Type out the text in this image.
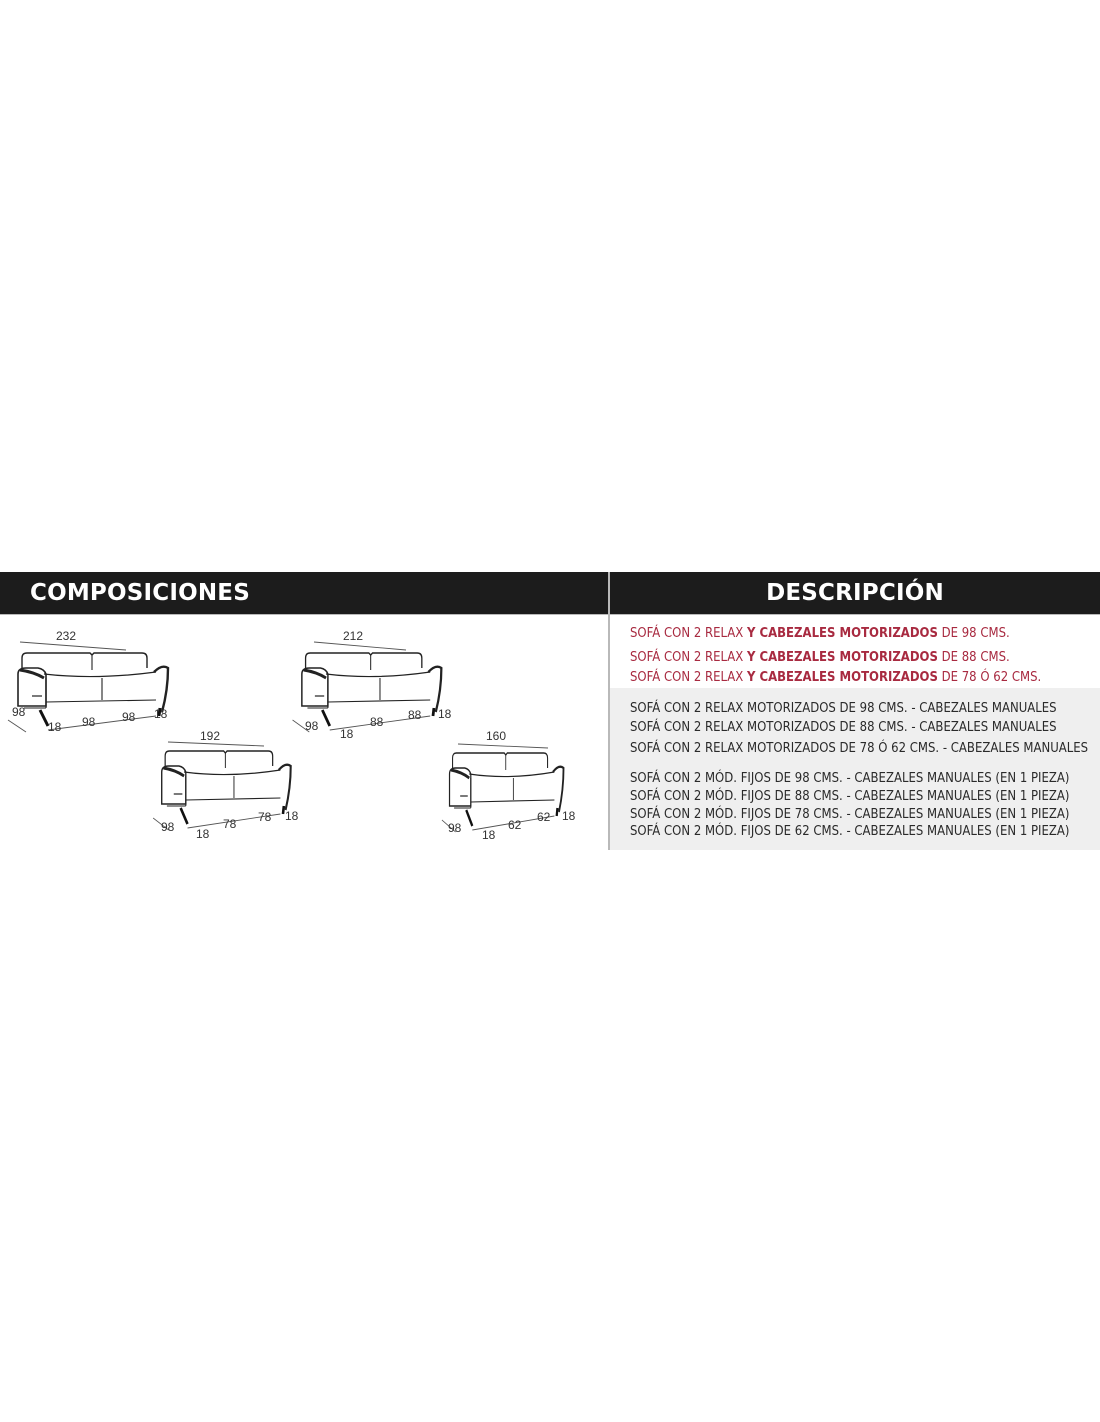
COMPOSICIONES	DESCRIPCIÓN
SOFÁ CON 2 RELAX Y CABEZALES MOTORIZADOS DE 98 CMS.
SOFÁ CON 2 RELAX Y CABEZALES MOTORIZADOS DE 88 CMS.
SOFÁ CON 2 RELAX Y CABEZALES MOTORIZADOS DE 78 Ó 62 CMS.
SOFÁ CON 2 RELAX MOTORIZADOS DE 98 CMS. - CABEZALES MANUALES
SOFÁ CON 2 RELAX MOTORIZADOS DE 88 CMS. - CABEZALES MANUALES
SOFÁ CON 2 RELAX MOTORIZADOS DE 78 Ó 62 CMS. - CABEZALES MANUALES
SOFÁ CON 2 MÓD. FIJOS DE 98 CMS. - CABEZALES MANUALES (EN 1 PIEZA)
SOFÁ CON 2 MÓD. FIJOS DE 88 CMS. - CABEZALES MANUALES (EN 1 PIEZA)
SOFÁ CON 2 MÓD. FIJOS DE 78 CMS. - CABEZALES MANUALES (EN 1 PIEZA)
SOFÁ CON 2 MÓD. FIJOS DE 62 CMS. - CABEZALES MANUALES (EN 1 PIEZA)
232
98
18 98 98 18
212
98
18
88 88 18
192
98 18
78 78 18
160
98 18
62
62 18
